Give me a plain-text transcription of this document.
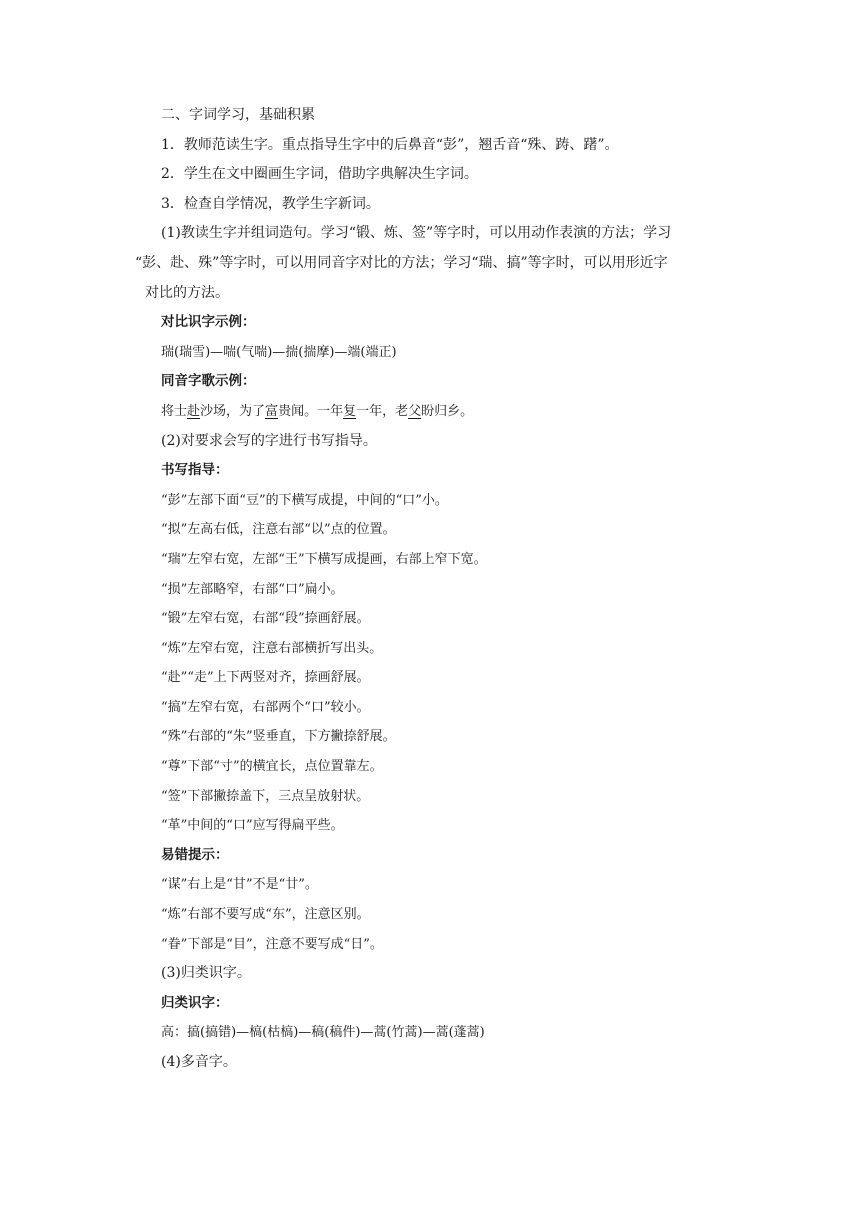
二、字词学习，基础积累
1．教师范读生字。重点指导生字中的后鼻音“彭”，翘舌音“殊、踌、躇”。
2．学生在文中圈画生字词，借助字典解决生字词。
3．检查自学情况，教学生字新词。
(1)教读生字并组词造句。学习“锻、炼、签”等字时，可以用动作表演的方法；学习
“彭、赴、殊”等字时，可以用同音字对比的方法；学习“瑞、搞”等字时，可以用形近字
对比的方法。
对比识字示例：
瑞(瑞雪)—喘(气喘)—揣(揣摩)—端(端正)
同音字歌示例：
将士赴沙场，为了富贵闻。一年复一年，老父盼归乡。
(2)对要求会写的字进行书写指导。
书写指导：
“彭”左部下面“豆”的下横写成提，中间的“口”小。
“拟”左高右低，注意右部“以”点的位置。
“瑞”左窄右宽，左部“王”下横写成提画，右部上窄下宽。
“损”左部略窄，右部“口”扁小。
“锻”左窄右宽，右部“段”捺画舒展。
“炼”左窄右宽，注意右部横折写出头。
“赴”“走”上下两竖对齐，捺画舒展。
“搞”左窄右宽，右部两个“口”较小。
“殊”右部的“朱”竖垂直，下方撇捺舒展。
“尊”下部“寸”的横宜长，点位置靠左。
“签”下部撇捺盖下，三点呈放射状。
“革”中间的“口”应写得扁平些。
易错提示：
“谋”右上是“甘”不是“廿”。
“炼”右部不要写成“东”，注意区别。
“眷”下部是“目”，注意不要写成“日”。
(3)归类识字。
归类识字：
高：搞(搞错)—槁(枯槁)—稿(稿件)—蒿(竹蒿)—蒿(蓬蒿)
(4)多音字。
